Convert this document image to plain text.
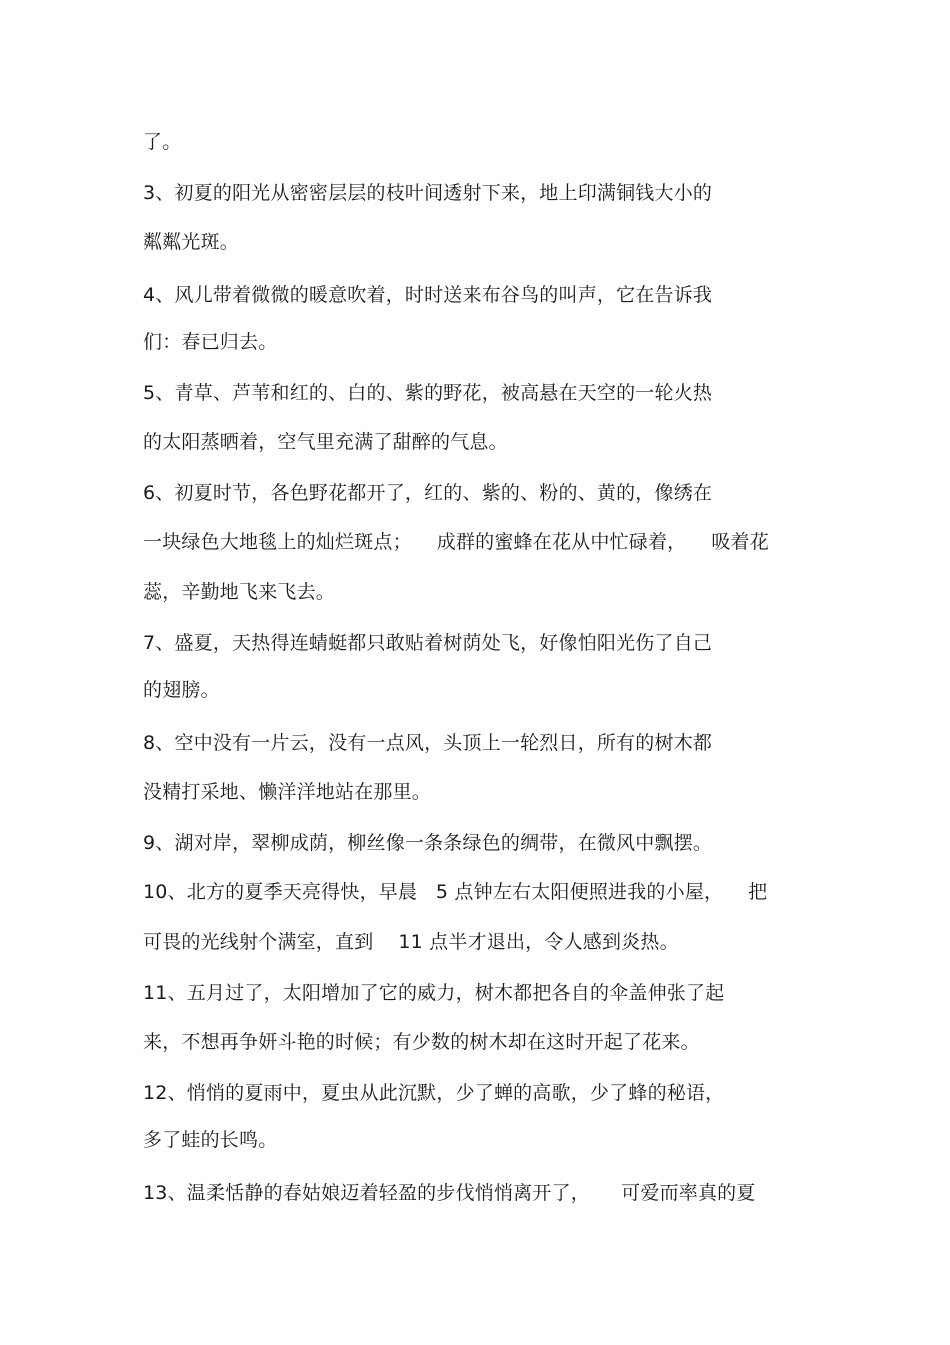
了。
3、初夏的阳光从密密层层的枝叶间透射下来，地上印满铜钱大小的
粼粼光斑。
4、风儿带着微微的暖意吹着，时时送来布谷鸟的叫声，它在告诉我
们：春已归去。
5、青草、芦苇和红的、白的、紫的野花，被高悬在天空的一轮火热
的太阳蒸晒着，空气里充满了甜醉的气息。
6、初夏时节，各色野花都开了，红的、紫的、粉的、黄的，像绣在
一块绿色大地毯上的灿烂斑点；    成群的蜜蜂在花从中忙碌着，    吸着花
蕊，辛勤地飞来飞去。
7、盛夏，天热得连蜻蜓都只敢贴着树荫处飞，好像怕阳光伤了自己
的翅膀。
8、空中没有一片云，没有一点风，头顶上一轮烈日，所有的树木都
没精打采地、懒洋洋地站在那里。
9、湖对岸，翠柳成荫，柳丝像一条条绿色的绸带，在微风中飘摆。
10、北方的夏季天亮得快，早晨   5 点钟左右太阳便照进我的小屋，    把
可畏的光线射个满室，直到    11 点半才退出，令人感到炎热。
11、五月过了，太阳增加了它的威力，树木都把各自的伞盖伸张了起
来，不想再争妍斗艳的时候；有少数的树木却在这时开起了花来。
12、悄悄的夏雨中，夏虫从此沉默，少了蝉的高歌，少了蜂的秘语，
多了蛙的长鸣。
13、温柔恬静的春姑娘迈着轻盈的步伐悄悄离开了，     可爱而率真的夏
